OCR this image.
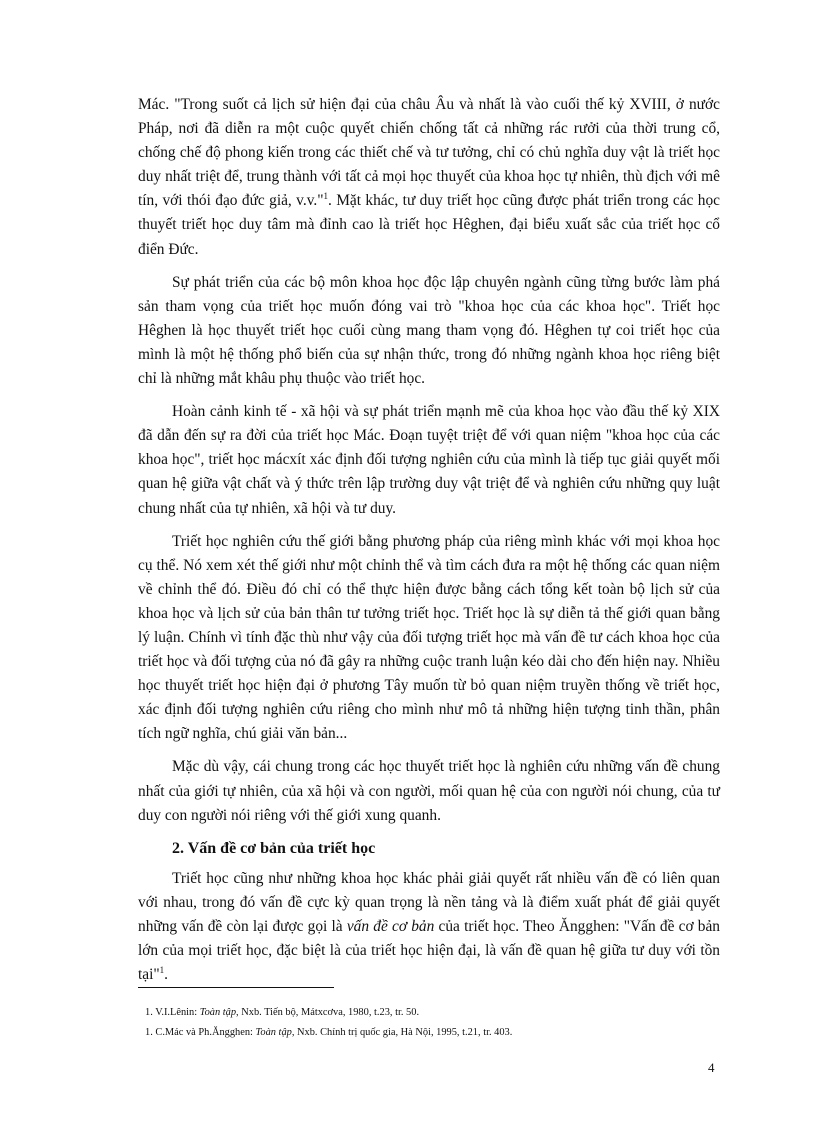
Mác. "Trong suốt cả lịch sử hiện đại của châu Âu và nhất là vào cuối thế kỷ XVIII, ở nước Pháp, nơi đã diễn ra một cuộc quyết chiến chống tất cả những rác rưởi của thời trung cổ, chống chế độ phong kiến trong các thiết chế và tư tưởng, chỉ có chủ nghĩa duy vật là triết học duy nhất triệt để, trung thành với tất cả mọi học thuyết của khoa học tự nhiên, thù địch với mê tín, với thói đạo đức giả, v.v."$^1$. Mặt khác, tư duy triết học cũng được phát triển trong các học thuyết triết học duy tâm mà đỉnh cao là triết học Hêghen, đại biểu xuất sắc của triết học cổ điển Đức.

Sự phát triển của các bộ môn khoa học độc lập chuyên ngành cũng từng bước làm phá sản tham vọng của triết học muốn đóng vai trò "khoa học của các khoa học". Triết học Hêghen là học thuyết triết học cuối cùng mang tham vọng đó. Hêghen tự coi triết học của mình là một hệ thống phổ biến của sự nhận thức, trong đó những ngành khoa học riêng biệt chỉ là những mắt khâu phụ thuộc vào triết học.

Hoàn cảnh kinh tế - xã hội và sự phát triển mạnh mẽ của khoa học vào đầu thế kỷ XIX đã dẫn đến sự ra đời của triết học Mác. Đoạn tuyệt triệt để với quan niệm "khoa học của các khoa học", triết học mácxít xác định đối tượng nghiên cứu của mình là tiếp tục giải quyết mối quan hệ giữa vật chất và ý thức trên lập trường duy vật triệt để và nghiên cứu những quy luật chung nhất của tự nhiên, xã hội và tư duy.

Triết học nghiên cứu thế giới bằng phương pháp của riêng mình khác với mọi khoa học cụ thể. Nó xem xét thế giới như một chỉnh thể và tìm cách đưa ra một hệ thống các quan niệm về chỉnh thể đó. Điều đó chỉ có thể thực hiện được bằng cách tổng kết toàn bộ lịch sử của khoa học và lịch sử của bản thân tư tưởng triết học. Triết học là sự diễn tả thế giới quan bằng lý luận. Chính vì tính đặc thù như vậy của đối tượng triết học mà vấn đề tư cách khoa học của triết học và đối tượng của nó đã gây ra những cuộc tranh luận kéo dài cho đến hiện nay. Nhiều học thuyết triết học hiện đại ở phương Tây muốn từ bỏ quan niệm truyền thống về triết học, xác định đối tượng nghiên cứu riêng cho mình như mô tả những hiện tượng tinh thần, phân tích ngữ nghĩa, chú giải văn bản...

Mặc dù vậy, cái chung trong các học thuyết triết học là nghiên cứu những vấn đề chung nhất của giới tự nhiên, của xã hội và con người, mối quan hệ của con người nói chung, của tư duy con người nói riêng với thế giới xung quanh.

2. Vấn đề cơ bản của triết học

Triết học cũng như những khoa học khác phải giải quyết rất nhiều vấn đề có liên quan với nhau, trong đó vấn đề cực kỳ quan trọng là nền tảng và là điểm xuất phát để giải quyết những vấn đề còn lại được gọi là vấn đề cơ bản của triết học. Theo Ăngghen: "Vấn đề cơ bản lớn của mọi triết học, đặc biệt là của triết học hiện đại, là vấn đề quan hệ giữa tư duy với tồn tại"$^1$.

1. V.I.Lênin: Toàn tập, Nxb. Tiến bộ, Mátxcơva, 1980, t.23, tr. 50.

1. C.Mác và Ph.Ăngghen: Toàn tập, Nxb. Chính trị quốc gia, Hà Nội, 1995, t.21, tr. 403.

4
